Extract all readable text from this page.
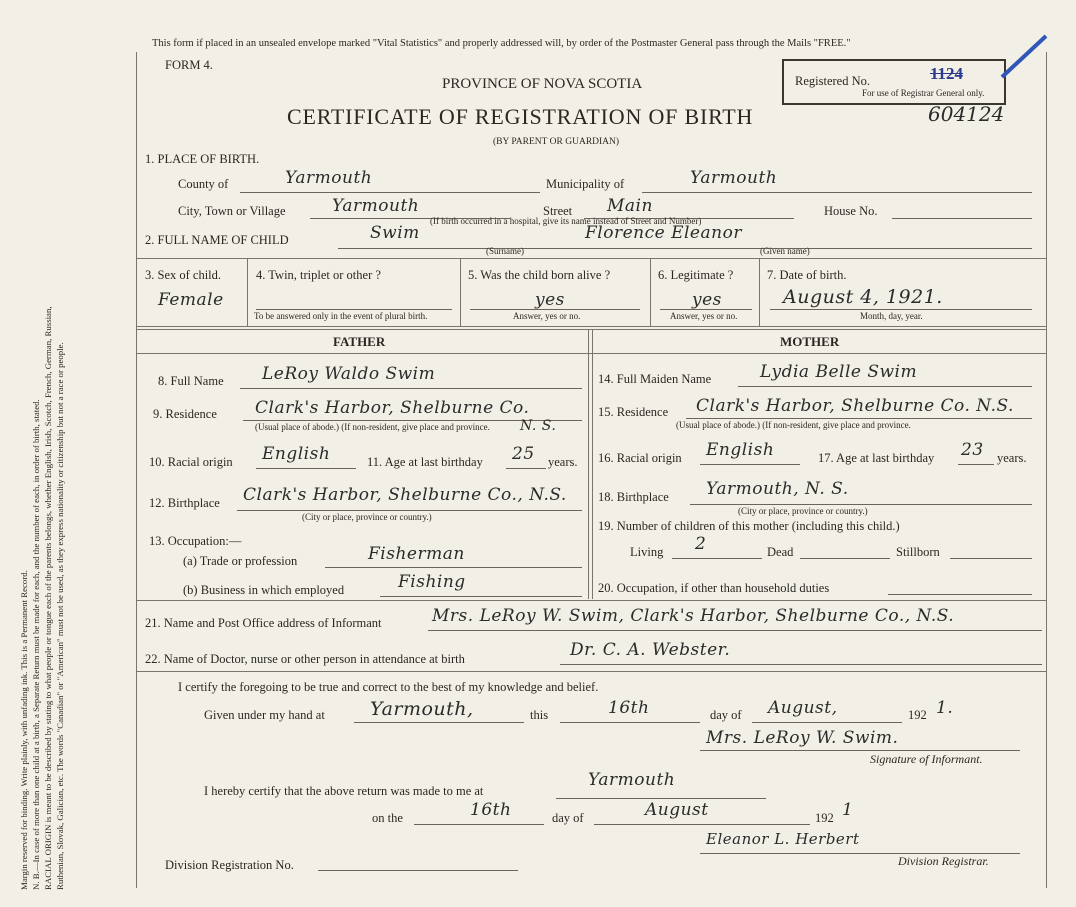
Margin reserved for binding. Write plainly, with unfading ink. This is a Permanent Record. N. B.—In case of more than one child at a birth, a Separate Return must be made for each, and the number of each, in order of birth, stated. RACIAL ORIGIN is meant to be described by stating to what people or tongue each of the parents belongs, whether English, Irish, Scotch, French, German, Russian, Ruthenian, Slovak, Galician, etc. The words "Canadian" or "American" must not be used, as they express nationality or citizenship but not a race or people.
This form if placed in an unsealed envelope marked "Vital Statistics" and properly addressed will, by order of the Postmaster General pass through the Mails "FREE."
FORM 4.
PROVINCE OF NOVA SCOTIA
CERTIFICATE OF REGISTRATION OF BIRTH
(BY PARENT OR GUARDIAN)
Registered No.	1124
For use of Registrar General only.
604124
1. PLACE OF BIRTH.
County of	Yarmouth	Municipality of	Yarmouth
City, Town or Village	Yarmouth	Street Main	House No.
(If birth occurred in a hospital, give its name instead of Street and Number)
2. FULL NAME OF CHILD	Swim
(Surname)
Florence Eleanor
(Given name)
3. Sex of child.
Female
4. Twin, triplet or other ?
To be answered only in the event of plural birth.
5. Was the child born alive ?
yes
Answer, yes or no.
6. Legitimate ?
yes
Answer, yes or no.
7. Date of birth.
August 4, 1921.
Month, day, year.
FATHER	MOTHER
8. Full Name LeRoy Waldo Swim
9. Residence Clark's Harbor, Shelburne Co.
N. S.
(Usual place of abode.) (If non-resident, give place and province.
10. Racial origin English	11. Age at last birthday 25 years.
12. Birthplace Clark's Harbor, Shelburne Co., N.S.
(City or place, province or country.)
13. Occupation:—
(a) Trade or profession	Fisherman
(b) Business in which employed	Fishing
14. Full Maiden Name	Lydia Belle Swim
15. Residence Clark's Harbor, Shelburne Co. N.S.
(Usual place of abode.) (If non-resident, give place and province.
16. Racial origin English	17. Age at last birthday 23 years.
18. Birthplace Yarmouth, N. S.
(City or place, province or country.)
19. Number of children of this mother (including this child.)
Living 2	Dead	Stillborn
20. Occupation, if other than household duties
21. Name and Post Office address of Informant	Mrs. LeRoy W. Swim, Clark's Harbor, Shelburne Co., N.S.
22. Name of Doctor, nurse or other person in attendance at birth	Dr. C. A. Webster.
I certify the foregoing to be true and correct to the best of my knowledge and belief.
Given under my hand at Yarmouth,	this	16th	day of August,	192 1.
Mrs. LeRoy W. Swim.
Signature of Informant.
I hereby certify that the above return was made to me at
Yarmouth
on the	16th	day of	August	192 1
Division Registration No.
Eleanor L. Herbert
Division Registrar.
